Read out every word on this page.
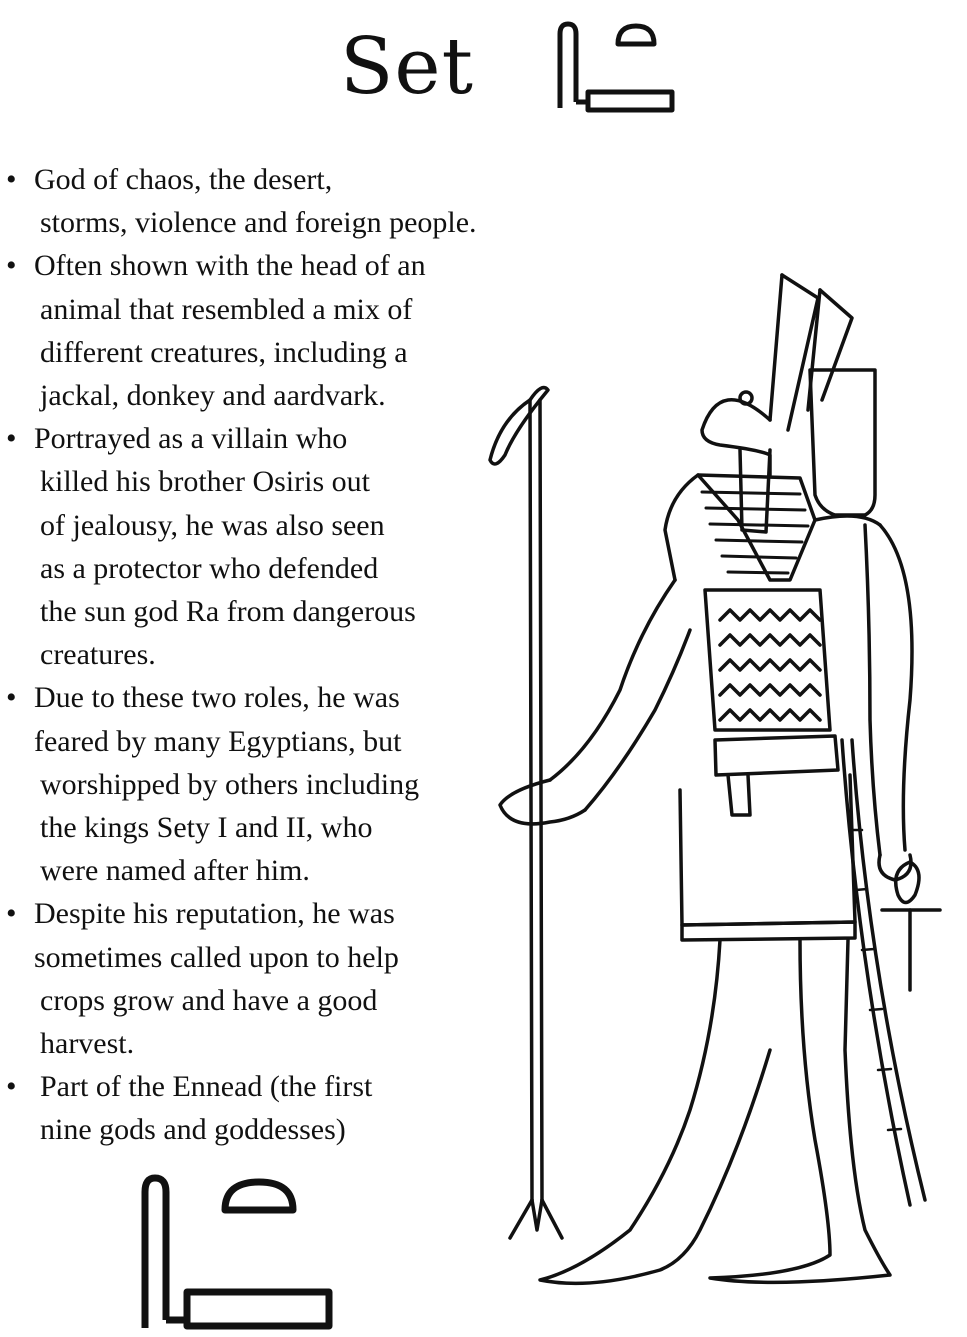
Set
• God of chaos, the desert,
storms, violence and foreign people.
• Often shown with the head of an
animal that resembled a mix of
different creatures, including a
jackal, donkey and aardvark.
• Portrayed as a villain who
killed his brother Osiris out
of jealousy, he was also seen
as a protector who defended
the sun god Ra from dangerous
creatures.
• Due to these two roles, he was
feared by many Egyptians, but
worshipped by others including
the kings Sety I and II, who
were named after him.
• Despite his reputation, he was
sometimes called upon to help
crops grow and have a good
harvest.
• Part of the Ennead (the first
nine gods and goddesses)
